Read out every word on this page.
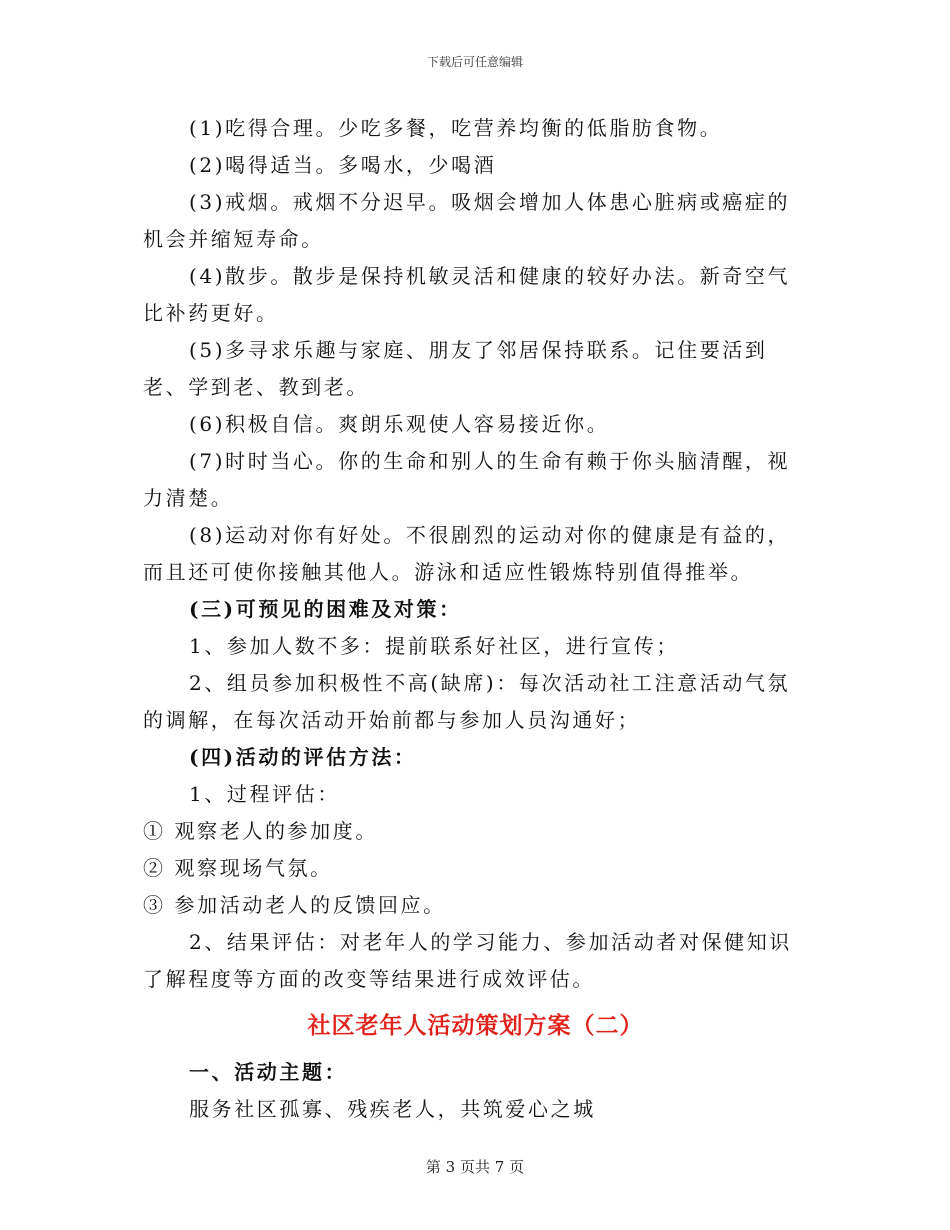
下载后可任意编辑

(1)吃得合理。少吃多餐，吃营养均衡的低脂肪食物。

(2)喝得适当。多喝水，少喝酒

(3)戒烟。戒烟不分迟早。吸烟会增加人体患心脏病或癌症的机会并缩短寿命。

(4)散步。散步是保持机敏灵活和健康的较好办法。新奇空气比补药更好。

(5)多寻求乐趣与家庭、朋友了邻居保持联系。记住要活到老、学到老、教到老。

(6)积极自信。爽朗乐观使人容易接近你。

(7)时时当心。你的生命和别人的生命有赖于你头脑清醒，视力清楚。

(8)运动对你有好处。不很剧烈的运动对你的健康是有益的，而且还可使你接触其他人。游泳和适应性锻炼特别值得推举。

(三)可预见的困难及对策：

1、参加人数不多：提前联系好社区，进行宣传；

2、组员参加积极性不高(缺席)：每次活动社工注意活动气氛的调解，在每次活动开始前都与参加人员沟通好；

(四)活动的评估方法：

1、过程评估：

① 观察老人的参加度。

② 观察现场气氛。

③ 参加活动老人的反馈回应。

2、结果评估：对老年人的学习能力、参加活动者对保健知识了解程度等方面的改变等结果进行成效评估。

社区老年人活动策划方案（二）

一、活动主题：

服务社区孤寡、残疾老人，共筑爱心之城

第 3 页共 7 页
